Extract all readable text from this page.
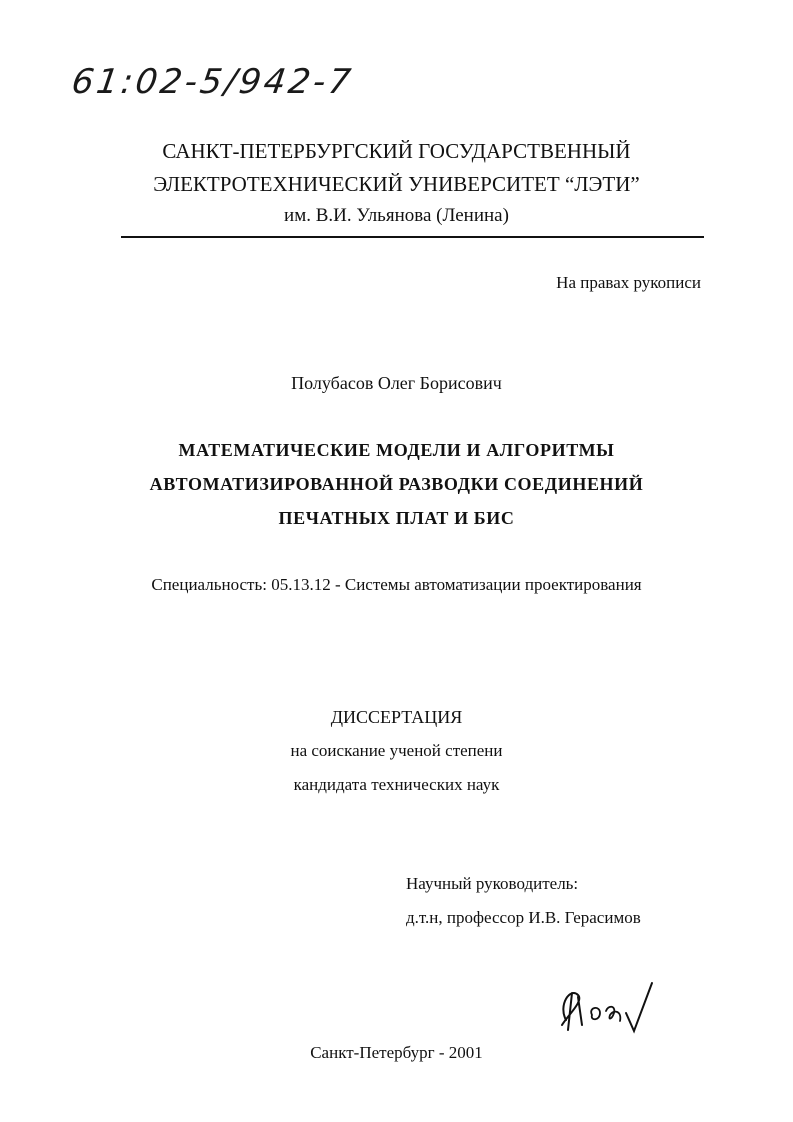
61:02-5/942-7
САНКТ-ПЕТЕРБУРГСКИЙ ГОСУДАРСТВЕННЫЙ
ЭЛЕКТРОТЕХНИЧЕСКИЙ УНИВЕРСИТЕТ “ЛЭТИ”
им. В.И. Ульянова (Ленина)
На правах рукописи
Полубасов Олег Борисович
МАТЕМАТИЧЕСКИЕ МОДЕЛИ И АЛГОРИТМЫ
АВТОМАТИЗИРОВАННОЙ РАЗВОДКИ СОЕДИНЕНИЙ
ПЕЧАТНЫХ ПЛАТ И БИС
Специальность: 05.13.12 - Системы автоматизации проектирования
ДИССЕРТАЦИЯ
на соискание ученой степени
кандидата технических наук
Научный руководитель:
д.т.н, профессор И.В. Герасимов
Санкт-Петербург - 2001
